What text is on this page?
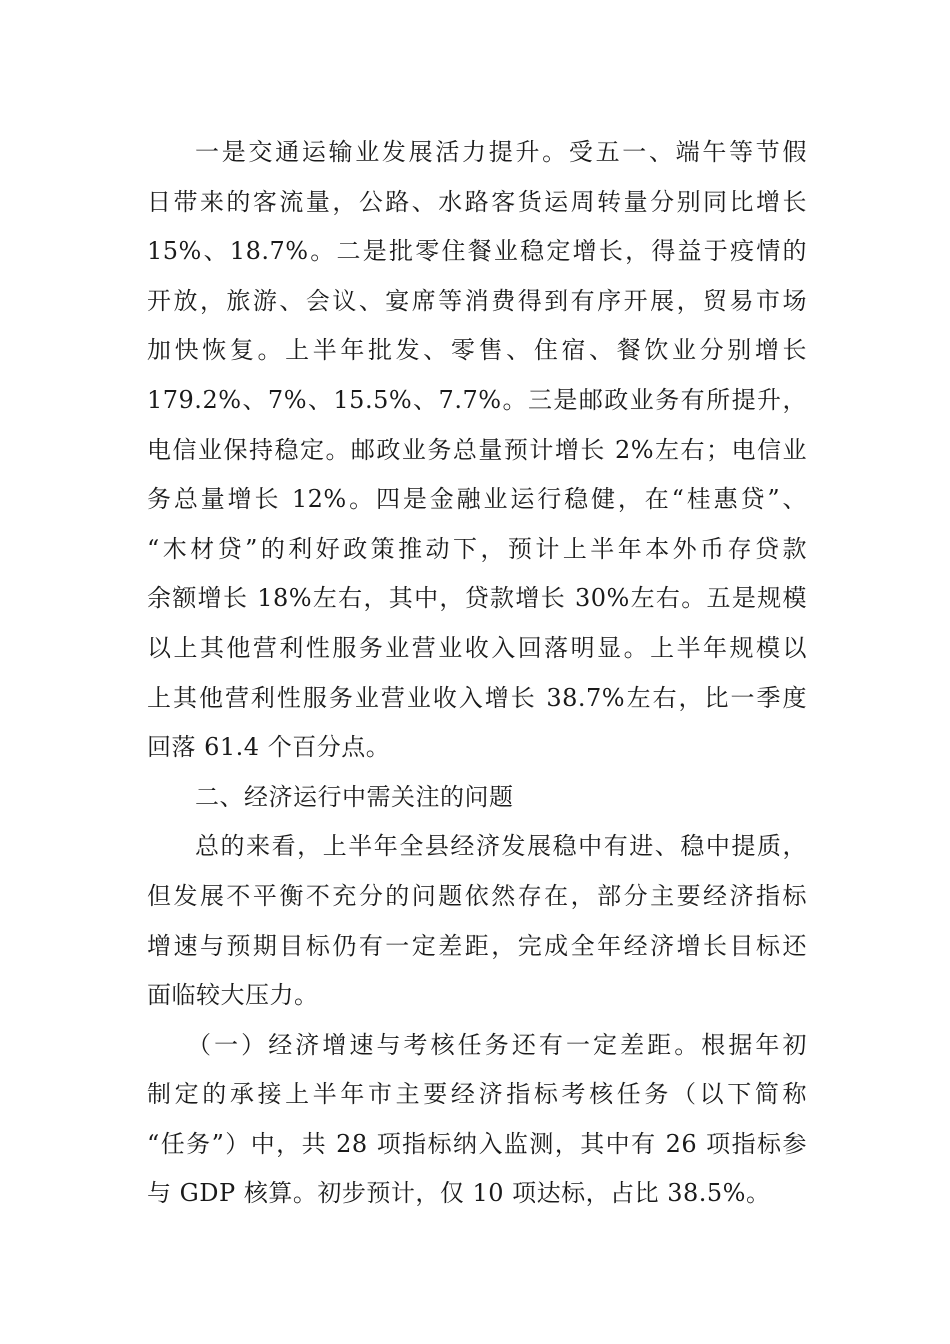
一是交通运输业发展活力提升。受五一、端午等节假
日带来的客流量，公路、水路客货运周转量分别同比增长
15%、18.7%。二是批零住餐业稳定增长，得益于疫情的
开放，旅游、会议、宴席等消费得到有序开展，贸易市场
加快恢复。上半年批发、零售、住宿、餐饮业分别增长
179.2%、7%、15.5%、7.7%。三是邮政业务有所提升，
电信业保持稳定。邮政业务总量预计增长 2%左右；电信业
务总量增长 12%。四是金融业运行稳健，在“桂惠贷”、
“木材贷”的利好政策推动下，预计上半年本外币存贷款
余额增长 18%左右，其中，贷款增长 30%左右。五是规模
以上其他营利性服务业营业收入回落明显。上半年规模以
上其他营利性服务业营业收入增长 38.7%左右，比一季度
回落 61.4 个百分点。
二、经济运行中需关注的问题
总的来看，上半年全县经济发展稳中有进、稳中提质，
但发展不平衡不充分的问题依然存在，部分主要经济指标
增速与预期目标仍有一定差距，完成全年经济增长目标还
面临较大压力。
（一）经济增速与考核任务还有一定差距。根据年初
制定的承接上半年市主要经济指标考核任务（以下简称
“任务”）中，共 28 项指标纳入监测，其中有 26 项指标参
与 GDP 核算。初步预计，仅 10 项达标，占比 38.5%。
